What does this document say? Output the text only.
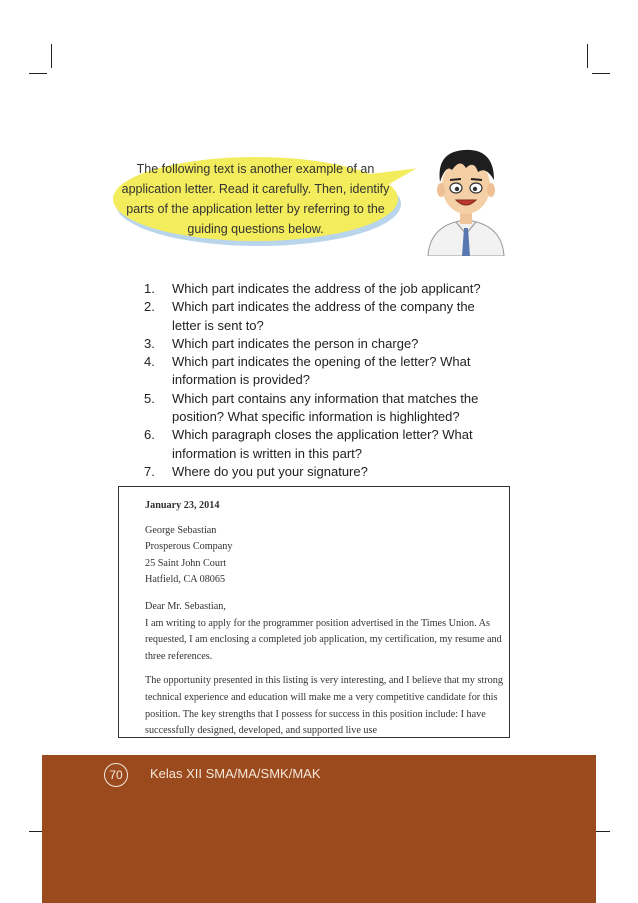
The following text is another example of an application letter. Read it carefully. Then, identify parts of the application letter by referring to the guiding questions below.
1.	Which part indicates the address of the job applicant?
2.	Which part indicates the address of the company the letter is sent to?
3.	Which part indicates the person in charge?
4.	Which part indicates the opening of the letter? What information is provided?
5.	Which part contains any information that matches the position? What specific information is highlighted?
6.	Which paragraph closes the application letter? What information is written in this part?
7.	Where do you put your signature?
January 23, 2014
George Sebastian
Prosperous Company
25 Saint John Court
Hatfield, CA 08065
Dear Mr. Sebastian,
I am writing to apply for the programmer position advertised in the Times Union. As requested, I am enclosing a completed job application, my certification, my resume and three references.
The opportunity presented in this listing is very interesting, and I believe that my strong technical experience and education will make me a very competitive candidate for this position. The key strengths that I possess for success in this position include: I have successfully designed, developed, and supported live use
70	Kelas XII SMA/MA/SMK/MAK
